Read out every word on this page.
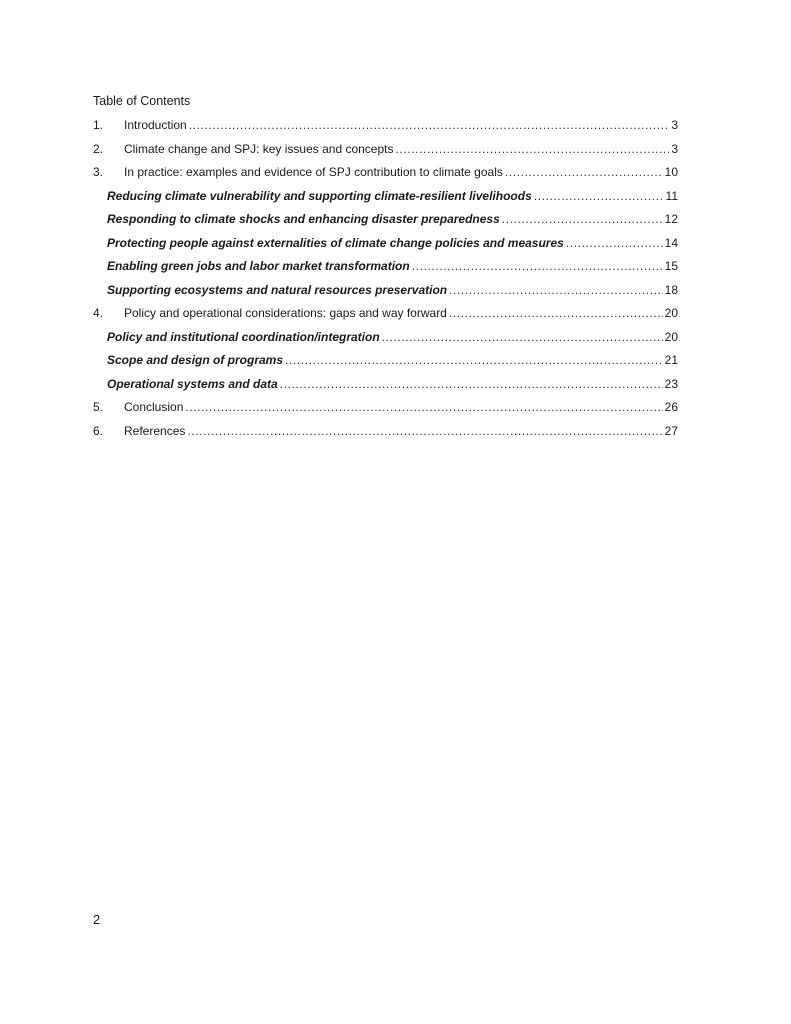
Table of Contents
1.	Introduction .....	3
2.	Climate change and SPJ: key issues and concepts .....	3
3.	In practice: examples and evidence of SPJ contribution to climate goals .....	10
Reducing climate vulnerability and supporting climate-resilient livelihoods .....	11
Responding to climate shocks and enhancing disaster preparedness .....	12
Protecting people against externalities of climate change policies and measures .....	14
Enabling green jobs and labor market transformation .....	15
Supporting ecosystems and natural resources preservation .....	18
4.	Policy and operational considerations: gaps and way forward .....	20
Policy and institutional coordination/integration .....	20
Scope and design of programs .....	21
Operational systems and data .....	23
5.	Conclusion .....	26
6.	References .....	27
2
